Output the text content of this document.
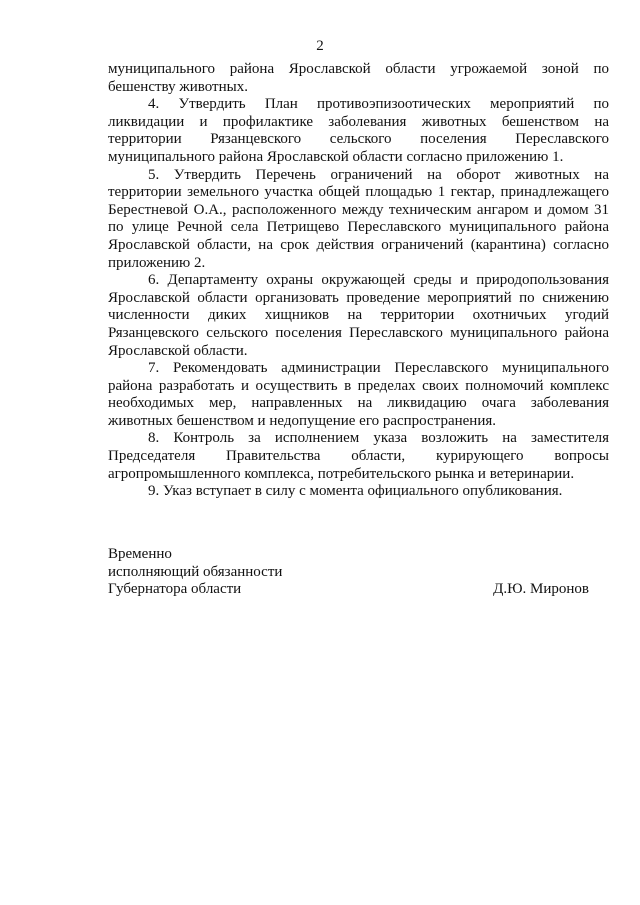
2

муниципального района Ярославской области угрожаемой зоной по бешенству животных.

4. Утвердить План противоэпизоотических мероприятий по ликвидации и профилактике заболевания животных бешенством на территории Рязанцевского сельского поселения Переславского муниципального района Ярославской области согласно приложению 1.

5. Утвердить Перечень ограничений на оборот животных на территории земельного участка общей площадью 1 гектар, принадлежащего Берестневой О.А., расположенного между техническим ангаром и домом 31 по улице Речной села Петрищево Переславского муниципального района Ярославской области, на срок действия ограничений (карантина) согласно приложению 2.

6. Департаменту охраны окружающей среды и природопользования Ярославской области организовать проведение мероприятий по снижению численности диких хищников на территории охотничьих угодий Рязанцевского сельского поселения Переславского муниципального района Ярославской области.

7. Рекомендовать администрации Переславского муниципального района разработать и осуществить в пределах своих полномочий комплекс необходимых мер, направленных на ликвидацию очага заболевания животных бешенством и недопущение его распространения.

8. Контроль за исполнением указа возложить на заместителя Председателя Правительства области, курирующего вопросы агропромышленного комплекса, потребительского рынка и ветеринарии.

9. Указ вступает в силу с момента официального опубликования.

Временно
исполняющий обязанности
Губернатора области	Д.Ю. Миронов
